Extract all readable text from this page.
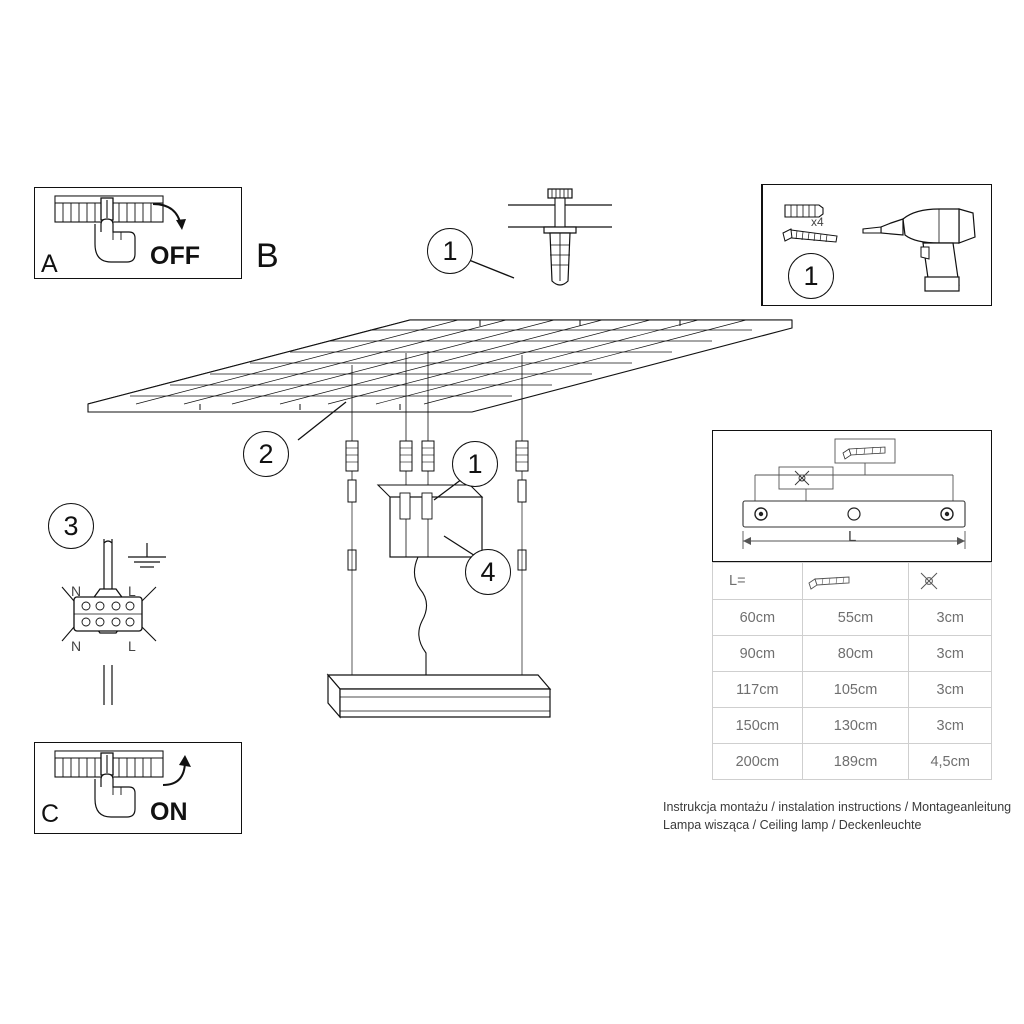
A	OFF B	1
x4
1
2	1
4
3
N	L
N	L
C	ON
L
L=	

60cm	55cm	3cm
90cm	80cm	3cm
117cm	105cm	3cm
150cm	130cm	3cm
200cm	189cm	4,5cm
Instrukcja montażu / instalation instructions / Montageanleitung
Lampa wisząca / Ceiling lamp / Deckenleuchte
